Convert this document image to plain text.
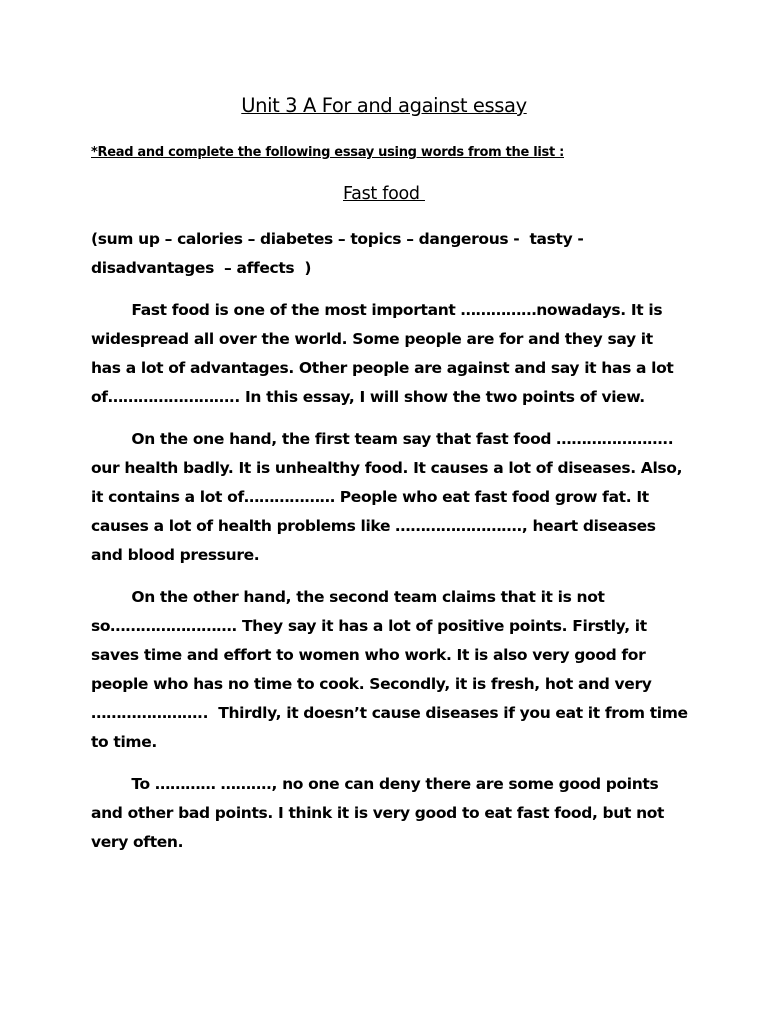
Unit 3 A For and against essay
*Read and complete the following essay using words from the list :
Fast food
(sum up – calories – diabetes – topics – dangerous -  tasty -
disadvantages  – affects  )
Fast food is one of the most important ……………nowadays. It is
widespread all over the world. Some people are for and they say it
has a lot of advantages. Other people are against and say it has a lot
of…………………….. In this essay, I will show the two points of view.
On the one hand, the first team say that fast food …………………..
our health badly. It is unhealthy food. It causes a lot of diseases. Also,
it contains a lot of……………… People who eat fast food grow fat. It
causes a lot of health problems like ……………………., heart diseases
and blood pressure.
On the other hand, the second team claims that it is not
so……………………. They say it has a lot of positive points. Firstly, it
saves time and effort to women who work. It is also very good for
people who has no time to cook. Secondly, it is fresh, hot and very
…………………..  Thirdly, it doesn’t cause diseases if you eat it from time
to time.
To ………… ………., no one can deny there are some good points
and other bad points. I think it is very good to eat fast food, but not
very often.
